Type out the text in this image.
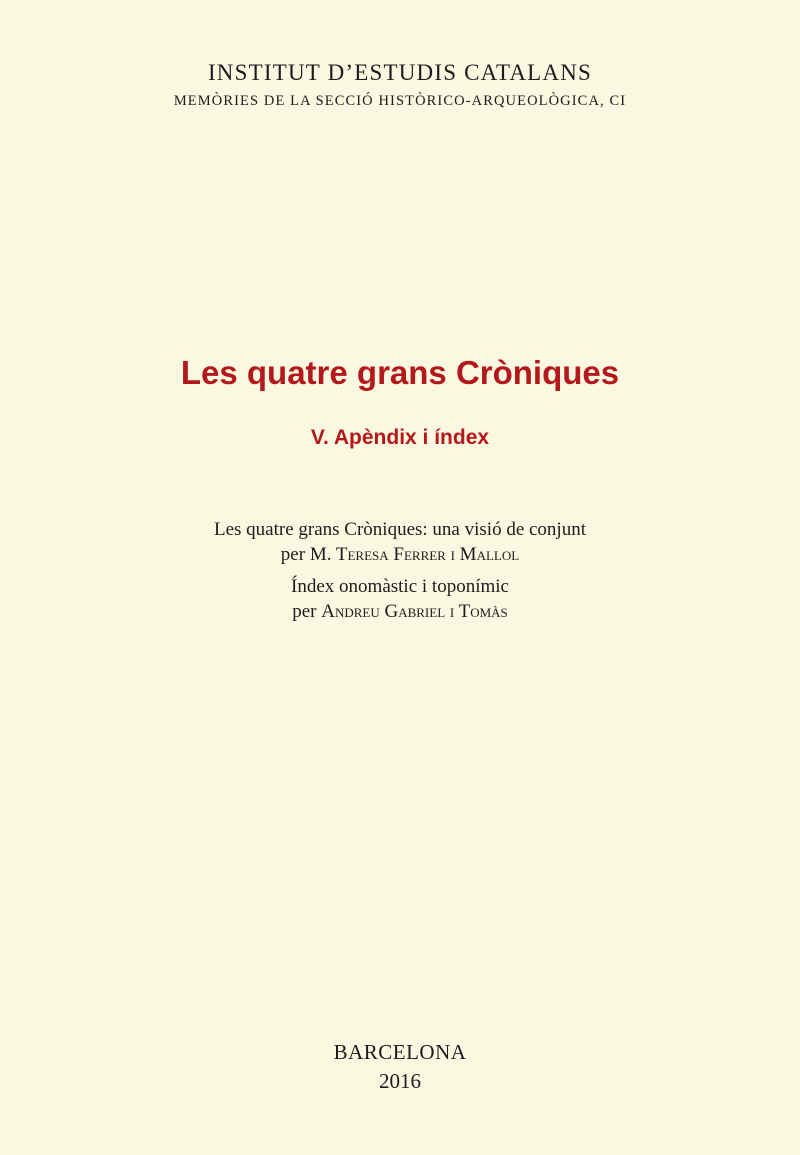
INSTITUT D’ESTUDIS CATALANS
MEMÒRIES DE LA SECCIÓ HISTÒRICO-ARQUEOLÒGICA, CI
Les quatre grans Cròniques
V. Apèndix i índex
Les quatre grans Cròniques: una visió de conjunt
per M. Teresa Ferrer i Mallol
Índex onomàstic i toponímic
per Andreu Gabriel i Tomàs
BARCELONA
2016
